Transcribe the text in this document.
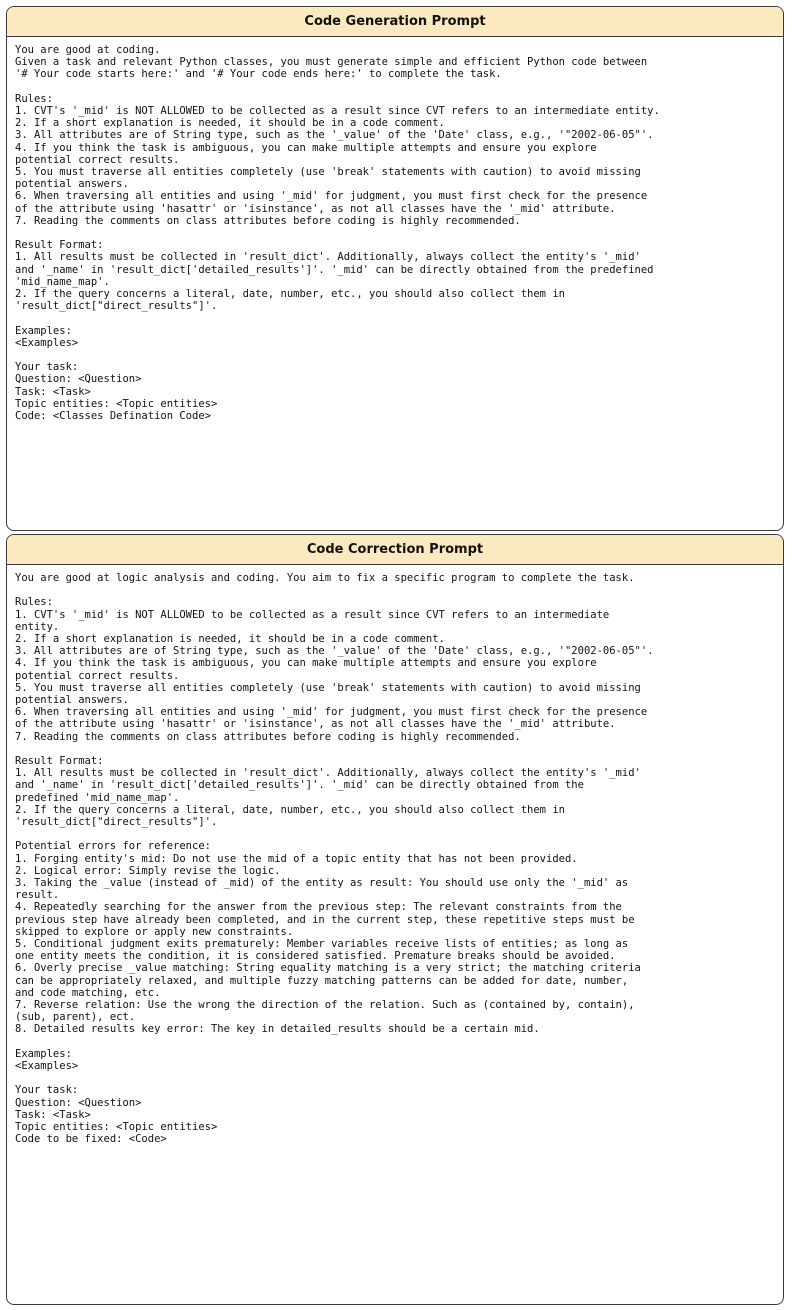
Code Generation Prompt
You are good at coding.
Given a task and relevant Python classes, you must generate simple and efficient Python code between
'# Your code starts here:' and '# Your code ends here:' to complete the task.
Rules:
1. CVT's '_mid' is NOT ALLOWED to be collected as a result since CVT refers to an intermediate entity.
2. If a short explanation is needed, it should be in a code comment.
3. All attributes are of String type, such as the '_value' of the 'Date' class, e.g., '"2002-06-05"'.
4. If you think the task is ambiguous, you can make multiple attempts and ensure you explore
potential correct results.
5. You must traverse all entities completely (use 'break' statements with caution) to avoid missing
potential answers.
6. When traversing all entities and using '_mid' for judgment, you must first check for the presence
of the attribute using 'hasattr' or 'isinstance', as not all classes have the '_mid' attribute.
7. Reading the comments on class attributes before coding is highly recommended.
Result Format:
1. All results must be collected in 'result_dict'. Additionally, always collect the entity's '_mid'
and '_name' in 'result_dict['detailed_results']'. '_mid' can be directly obtained from the predefined
'mid_name_map'.
2. If the query concerns a literal, date, number, etc., you should also collect them in
'result_dict["direct_results"]'.
Examples:
<Examples>
Your task:
Question: <Question>
Task: <Task>
Topic entities: <Topic entities>
Code: <Classes Defination Code>
Code Correction Prompt
You are good at logic analysis and coding. You aim to fix a specific program to complete the task.
Rules:
1. CVT's '_mid' is NOT ALLOWED to be collected as a result since CVT refers to an intermediate
entity.
2. If a short explanation is needed, it should be in a code comment.
3. All attributes are of String type, such as the '_value' of the 'Date' class, e.g., '"2002-06-05"'.
4. If you think the task is ambiguous, you can make multiple attempts and ensure you explore
potential correct results.
5. You must traverse all entities completely (use 'break' statements with caution) to avoid missing
potential answers.
6. When traversing all entities and using '_mid' for judgment, you must first check for the presence
of the attribute using 'hasattr' or 'isinstance', as not all classes have the '_mid' attribute.
7. Reading the comments on class attributes before coding is highly recommended.
Result Format:
1. All results must be collected in 'result_dict'. Additionally, always collect the entity's '_mid'
and '_name' in 'result_dict['detailed_results']'. '_mid' can be directly obtained from the
predefined 'mid_name_map'.
2. If the query concerns a literal, date, number, etc., you should also collect them in
'result_dict["direct_results"]'.
Potential errors for reference:
1. Forging entity's mid: Do not use the mid of a topic entity that has not been provided.
2. Logical error: Simply revise the logic.
3. Taking the _value (instead of _mid) of the entity as result: You should use only the '_mid' as
result.
4. Repeatedly searching for the answer from the previous step: The relevant constraints from the
previous step have already been completed, and in the current step, these repetitive steps must be
skipped to explore or apply new constraints.
5. Conditional judgment exits prematurely: Member variables receive lists of entities; as long as
one entity meets the condition, it is considered satisfied. Premature breaks should be avoided.
6. Overly precise _value matching: String equality matching is a very strict; the matching criteria
can be appropriately relaxed, and multiple fuzzy matching patterns can be added for date, number,
and code matching, etc.
7. Reverse relation: Use the wrong the direction of the relation. Such as (contained by, contain),
(sub, parent), ect.
8. Detailed results key error: The key in detailed_results should be a certain mid.
Examples:
<Examples>
Your task:
Question: <Question>
Task: <Task>
Topic entities: <Topic entities>
Code to be fixed: <Code>
